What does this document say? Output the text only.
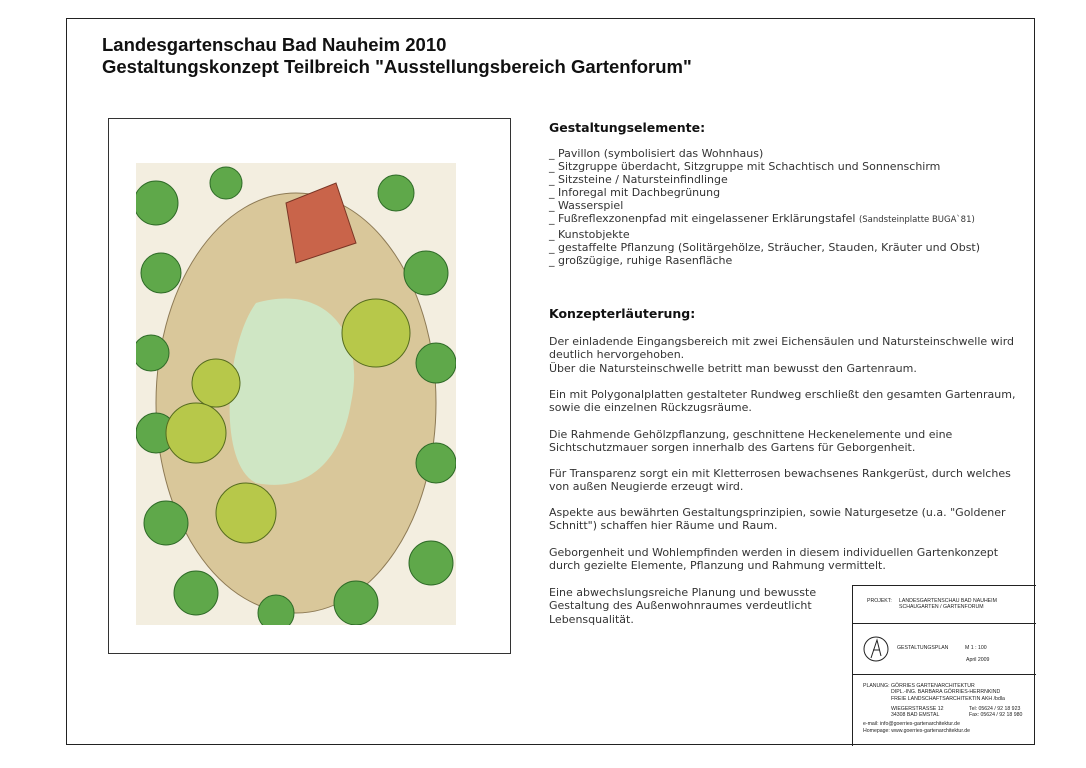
Landesgartenschau Bad Nauheim 2010
Gestaltungskonzept Teilbreich "Ausstellungsbereich Gartenforum"
Gestaltungselemente:
_ Pavillon (symbolisiert das Wohnhaus)
_ Sitzgruppe überdacht, Sitzgruppe mit Schachtisch und Sonnenschirm
_ Sitzsteine / Natursteinfindlinge
_ Inforegal mit Dachbegrünung
_ Wasserspiel
_ Fußreflexzonenpfad mit eingelassener Erklärungstafel (Sandsteinplatte BUGA`81)
_ Kunstobjekte
_ gestaffelte Pflanzung (Solitärgehölze, Sträucher, Stauden, Kräuter und Obst)
_ großzügige, ruhige Rasenfläche
Konzepterläuterung:
Der einladende Eingangsbereich mit zwei Eichensäulen und Natursteinschwelle wird deutlich hervorgehoben.
Über die Natursteinschwelle betritt man bewusst den Gartenraum.
Ein mit Polygonalplatten gestalteter Rundweg erschließt den gesamten Gartenraum, sowie die einzelnen Rückzugsräume.
Die Rahmende Gehölzpflanzung, geschnittene Heckenelemente und eine Sichtschutzmauer sorgen innerhalb des Gartens für Geborgenheit.
Für Transparenz sorgt ein mit Kletterrosen bewachsenes Rankgerüst, durch welches von außen Neugierde erzeugt wird.
Aspekte aus bewährten Gestaltungsprinzipien, sowie Naturgesetze (u.a. "Goldener Schnitt") schaffen hier Räume und Raum.
Geborgenheit und Wohlempfinden werden in diesem individuellen Gartenkonzept durch gezielte Elemente, Pflanzung und Rahmung vermittelt.
Eine abwechslungsreiche Planung und bewusste Gestaltung des Außenwohnraumes verdeutlicht Lebensqualität.
PROJEKT: LANDESGARTENSCHAU BAD NAUHEIM
SCHAUGARTEN / GARTENFORUM
GESTALTUNGSPLAN	M 1 : 100
April 2009
PLANUNG:GÖRRIES GARTENARCHITEKTUR
DIPL.-ING. BARBARA GÖRRIES-HERRNKIND
FREIE LANDSCHAFTSARCHITEKTIN AKH /bdla
WIEGERSTRASSE 12	Tel: 05624 / 92 18 923
34308 BAD EMSTAL	Fax: 05624 / 92 18 980
e-mail: info@goerries-gartenarchitektur.de
Homepage: www.goerries-gartenarchitektur.de
